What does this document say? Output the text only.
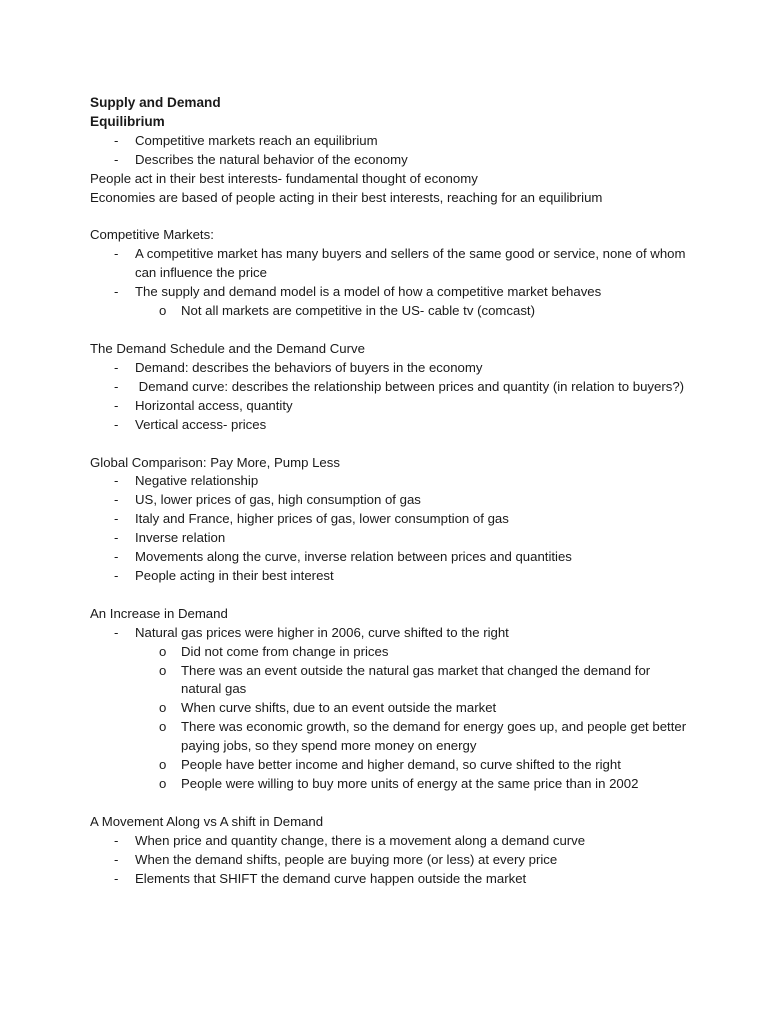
Supply and Demand

Equilibrium

- Competitive markets reach an equilibrium
- Describes the natural behavior of the economy

People act in their best interests- fundamental thought of economy

Economies are based of people acting in their best interests, reaching for an equilibrium

Competitive Markets:

- A competitive market has many buyers and sellers of the same good or service, none of whom can influence the price
- The supply and demand model is a model of how a competitive market behaves
o Not all markets are competitive in the US- cable tv (comcast)

The Demand Schedule and the Demand Curve

- Demand: describes the behaviors of buyers in the economy
- Demand curve: describes the relationship between prices and quantity (in relation to buyers?)
- Horizontal access, quantity
- Vertical access- prices

Global Comparison: Pay More, Pump Less

- Negative relationship
- US, lower prices of gas, high consumption of gas
- Italy and France, higher prices of gas, lower consumption of gas
- Inverse relation
- Movements along the curve, inverse relation between prices and quantities
- People acting in their best interest

An Increase in Demand

- Natural gas prices were higher in 2006, curve shifted to the right
o Did not come from change in prices
o There was an event outside the natural gas market that changed the demand for natural gas
o When curve shifts, due to an event outside the market
o There was economic growth, so the demand for energy goes up, and people get better paying jobs, so they spend more money on energy
o People have better income and higher demand, so curve shifted to the right
o People were willing to buy more units of energy at the same price than in 2002

A Movement Along vs A shift in Demand

- When price and quantity change, there is a movement along a demand curve
- When the demand shifts, people are buying more (or less) at every price
- Elements that SHIFT the demand curve happen outside the market
